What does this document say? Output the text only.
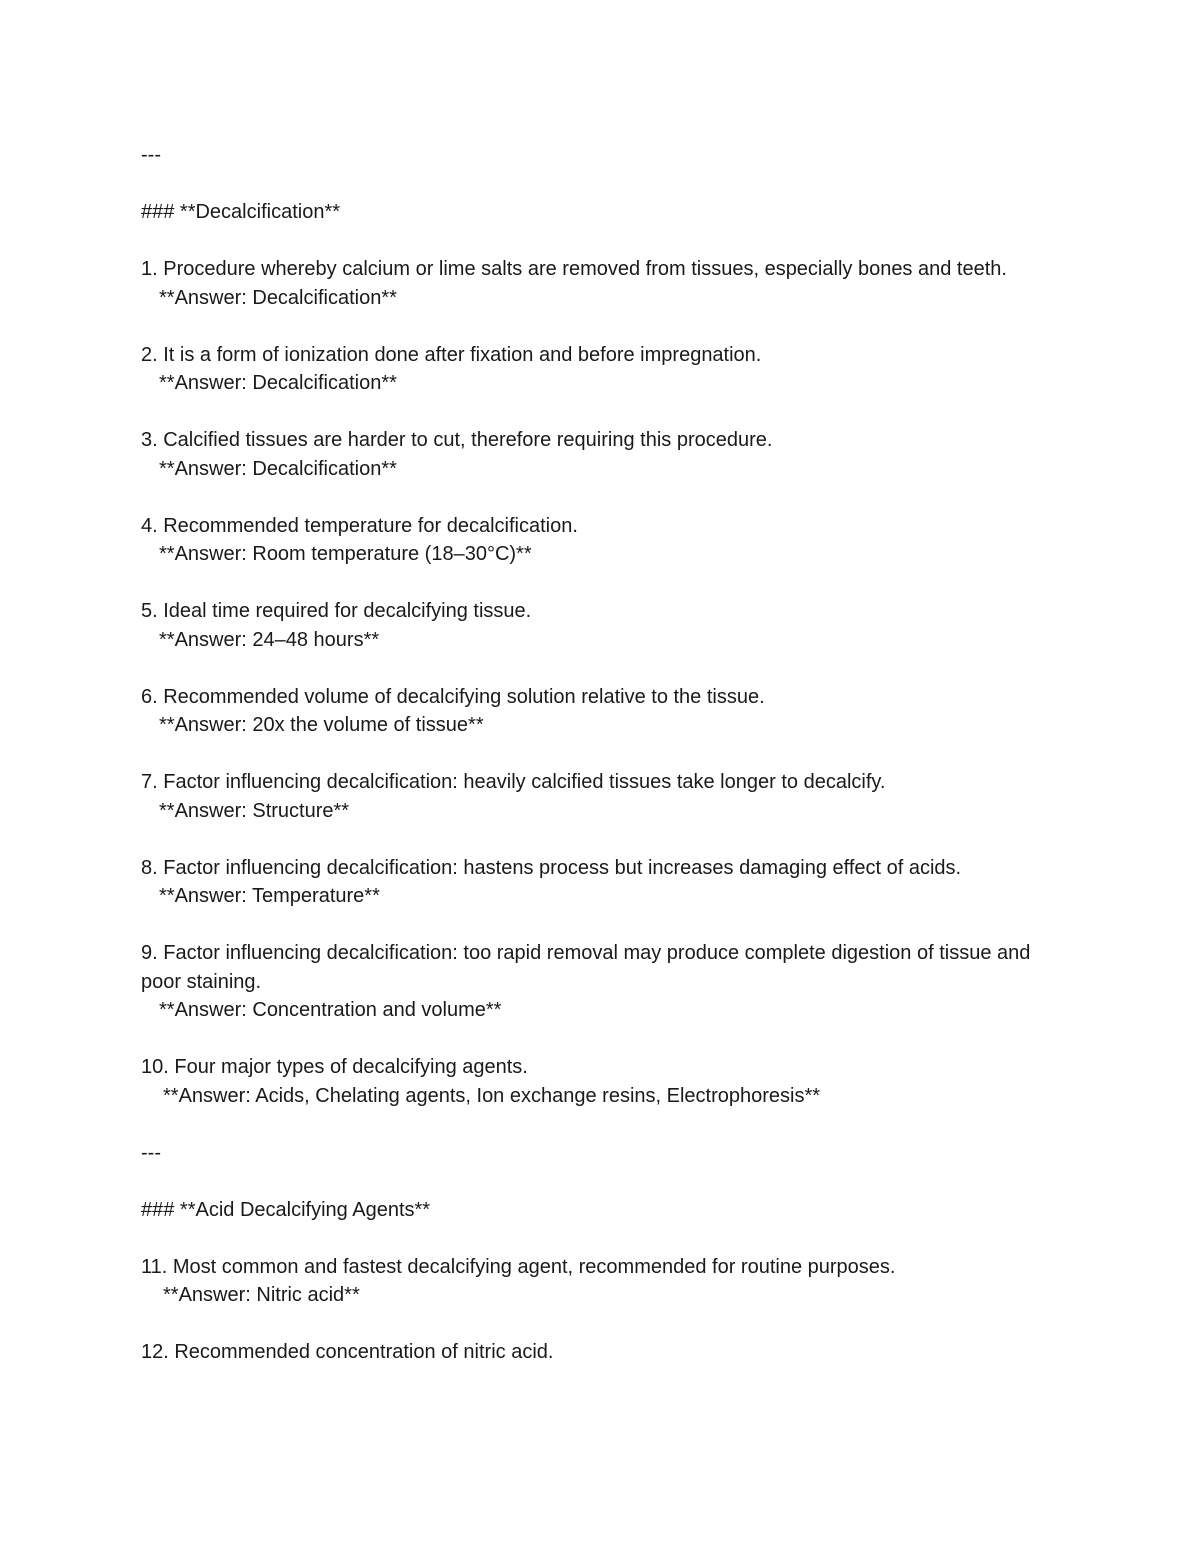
---

### **Decalcification**

1. Procedure whereby calcium or lime salts are removed from tissues, especially bones and teeth.

**Answer: Decalcification**

2. It is a form of ionization done after fixation and before impregnation.

**Answer: Decalcification**

3. Calcified tissues are harder to cut, therefore requiring this procedure.

**Answer: Decalcification**

4. Recommended temperature for decalcification.

**Answer: Room temperature (18–30°C)**

5. Ideal time required for decalcifying tissue.

**Answer: 24–48 hours**

6. Recommended volume of decalcifying solution relative to the tissue.

**Answer: 20x the volume of tissue**

7. Factor influencing decalcification: heavily calcified tissues take longer to decalcify.

**Answer: Structure**

8. Factor influencing decalcification: hastens process but increases damaging effect of acids.

**Answer: Temperature**

9. Factor influencing decalcification: too rapid removal may produce complete digestion of tissue and poor staining.

**Answer: Concentration and volume**

10. Four major types of decalcifying agents.

**Answer: Acids, Chelating agents, Ion exchange resins, Electrophoresis**

---

### **Acid Decalcifying Agents**

11. Most common and fastest decalcifying agent, recommended for routine purposes.

**Answer: Nitric acid**

12. Recommended concentration of nitric acid.
